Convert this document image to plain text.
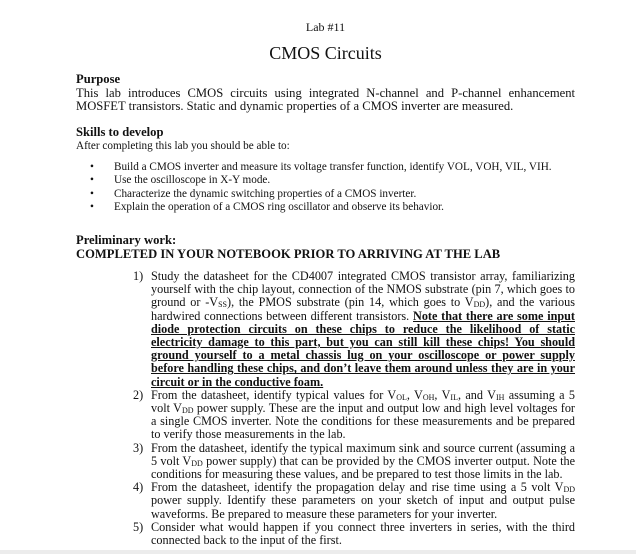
Lab #11
CMOS Circuits
Purpose

This lab introduces CMOS circuits using integrated N-channel and P-channel enhancement MOSFET transistors. Static and dynamic properties of a CMOS inverter are measured.

Skills to develop
After completing this lab you should be able to:
• Build a CMOS inverter and measure its voltage transfer function, identify VOL, VOH, VIL, VIH.
• Use the oscilloscope in X-Y mode.
• Characterize the dynamic switching properties of a CMOS inverter.
• Explain the operation of a CMOS ring oscillator and observe its behavior.
Preliminary work:
COMPLETED IN YOUR NOTEBOOK PRIOR TO ARRIVING AT THE LAB
1) Study the datasheet for the CD4007 integrated CMOS transistor array, familiarizing yourself with the chip layout, connection of the NMOS substrate (pin 7, which goes to ground or $-V_{SS}$), the PMOS substrate (pin 14, which goes to $V_{DD}$), and the various hardwired connections between different transistors. Note that there are some input diode protection circuits on these chips to reduce the likelihood of static electricity damage to this part, but you can still kill these chips! You should ground yourself to a metal chassis lug on your oscilloscope or power supply before handling these chips, and don’t leave them around unless they are in your circuit or in the conductive foam.
2) From the datasheet, identify typical values for $V_{OL}$, $V_{OH}$, $V_{IL}$, and $V_{IH}$ assuming a 5 volt $V_{DD}$ power supply. These are the input and output low and high level voltages for a single CMOS inverter. Note the conditions for these measurements and be prepared to verify those measurements in the lab.
3) From the datasheet, identify the typical maximum sink and source current (assuming a 5 volt $V_{DD}$ power supply) that can be provided by the CMOS inverter output. Note the conditions for measuring these values, and be prepared to test those limits in the lab.
4) From the datasheet, identify the propagation delay and rise time using a 5 volt $V_{DD}$ power supply. Identify these parameters on your sketch of input and output pulse waveforms. Be prepared to measure these parameters for your inverter.
5) Consider what would happen if you connect three inverters in series, with the third connected back to the input of the first.
